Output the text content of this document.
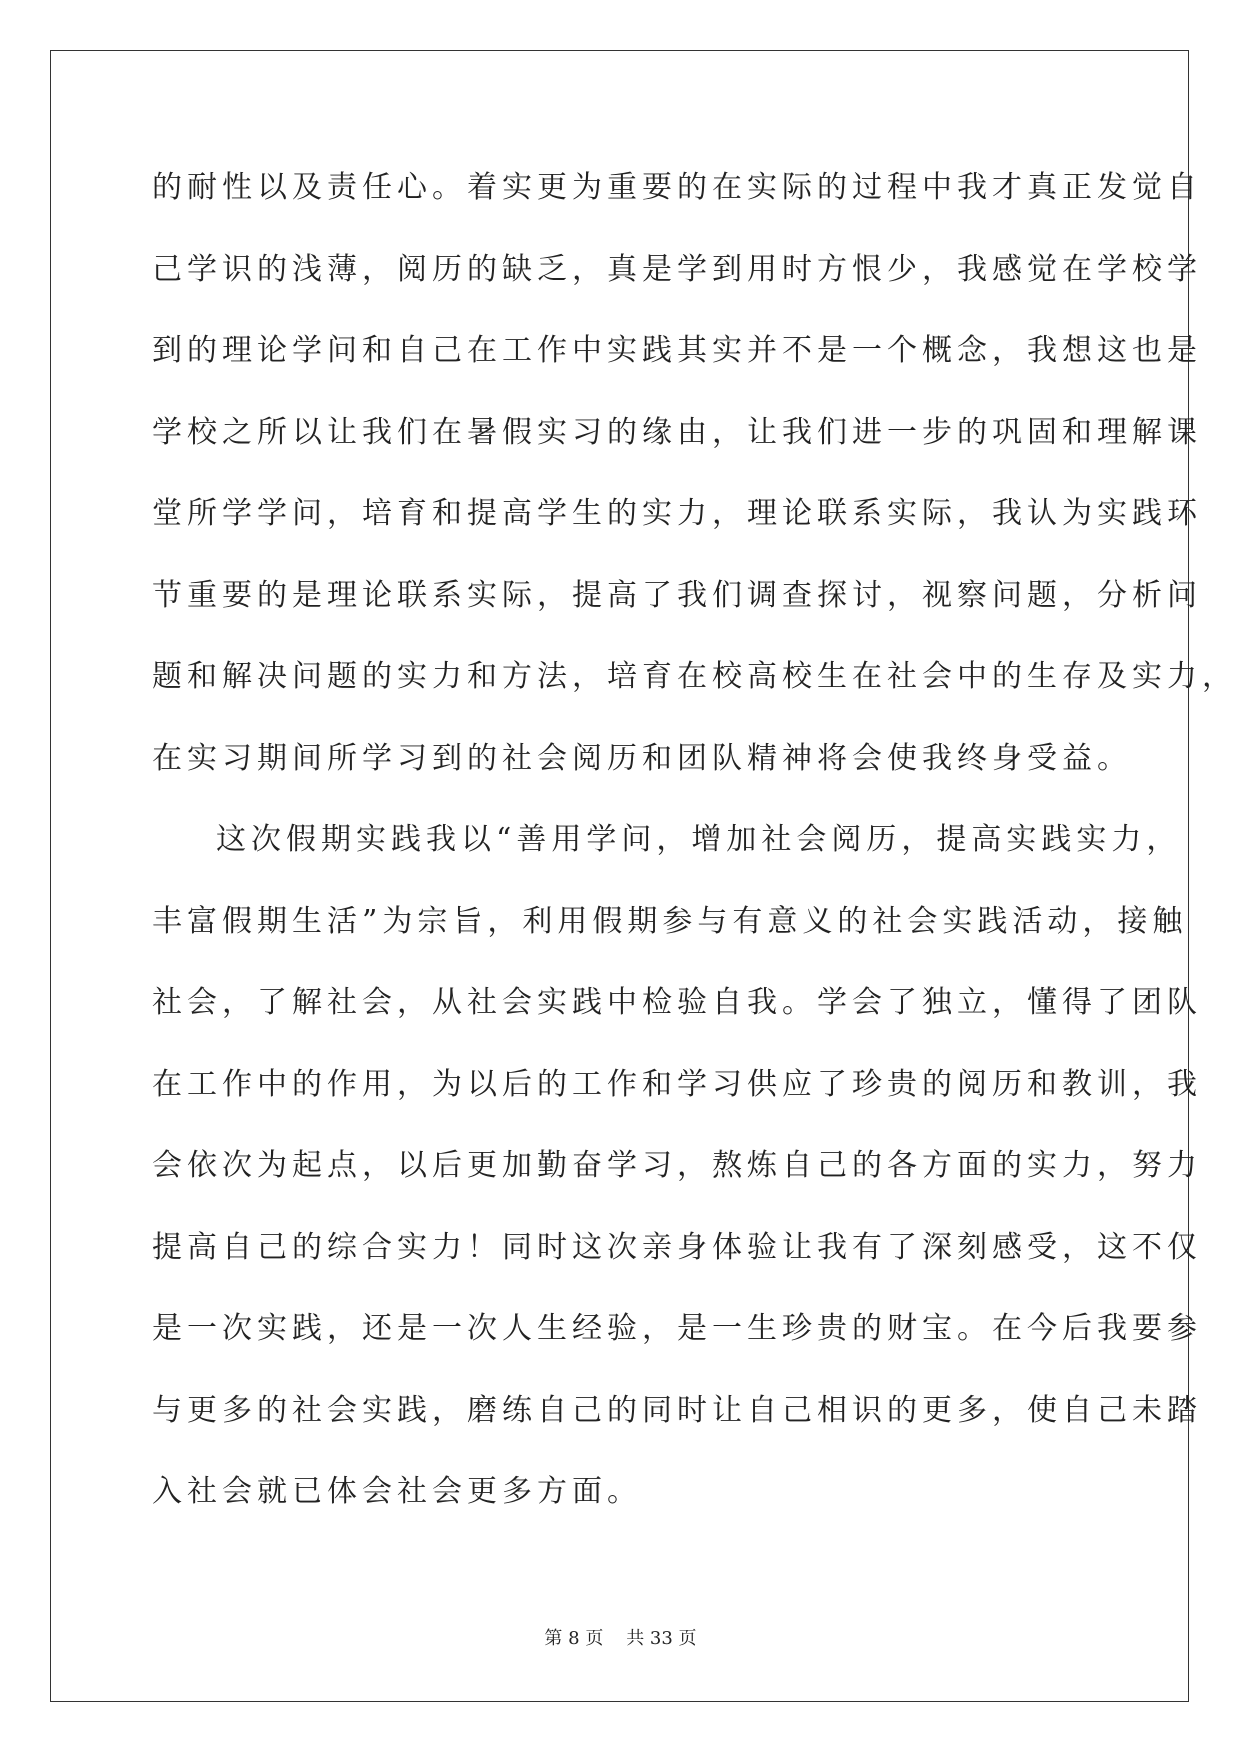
的耐性以及责任心。着实更为重要的在实际的过程中我才真正发觉自
己学识的浅薄，阅历的缺乏，真是学到用时方恨少，我感觉在学校学
到的理论学问和自己在工作中实践其实并不是一个概念，我想这也是
学校之所以让我们在暑假实习的缘由，让我们进一步的巩固和理解课
堂所学学问，培育和提高学生的实力，理论联系实际，我认为实践环
节重要的是理论联系实际，提高了我们调查探讨，视察问题，分析问
题和解决问题的实力和方法，培育在校高校生在社会中的生存及实力，
在实习期间所学习到的社会阅历和团队精神将会使我终身受益。
这次假期实践我以“善用学问，增加社会阅历，提高实践实力，
丰富假期生活”为宗旨，利用假期参与有意义的社会实践活动，接触
社会，了解社会，从社会实践中检验自我。学会了独立，懂得了团队
在工作中的作用，为以后的工作和学习供应了珍贵的阅历和教训，我
会依次为起点，以后更加勤奋学习，熬炼自己的各方面的实力，努力
提高自己的综合实力！同时这次亲身体验让我有了深刻感受，这不仅
是一次实践，还是一次人生经验，是一生珍贵的财宝。在今后我要参
与更多的社会实践，磨练自己的同时让自己相识的更多，使自己未踏
入社会就已体会社会更多方面。
第 8 页    共 33 页
